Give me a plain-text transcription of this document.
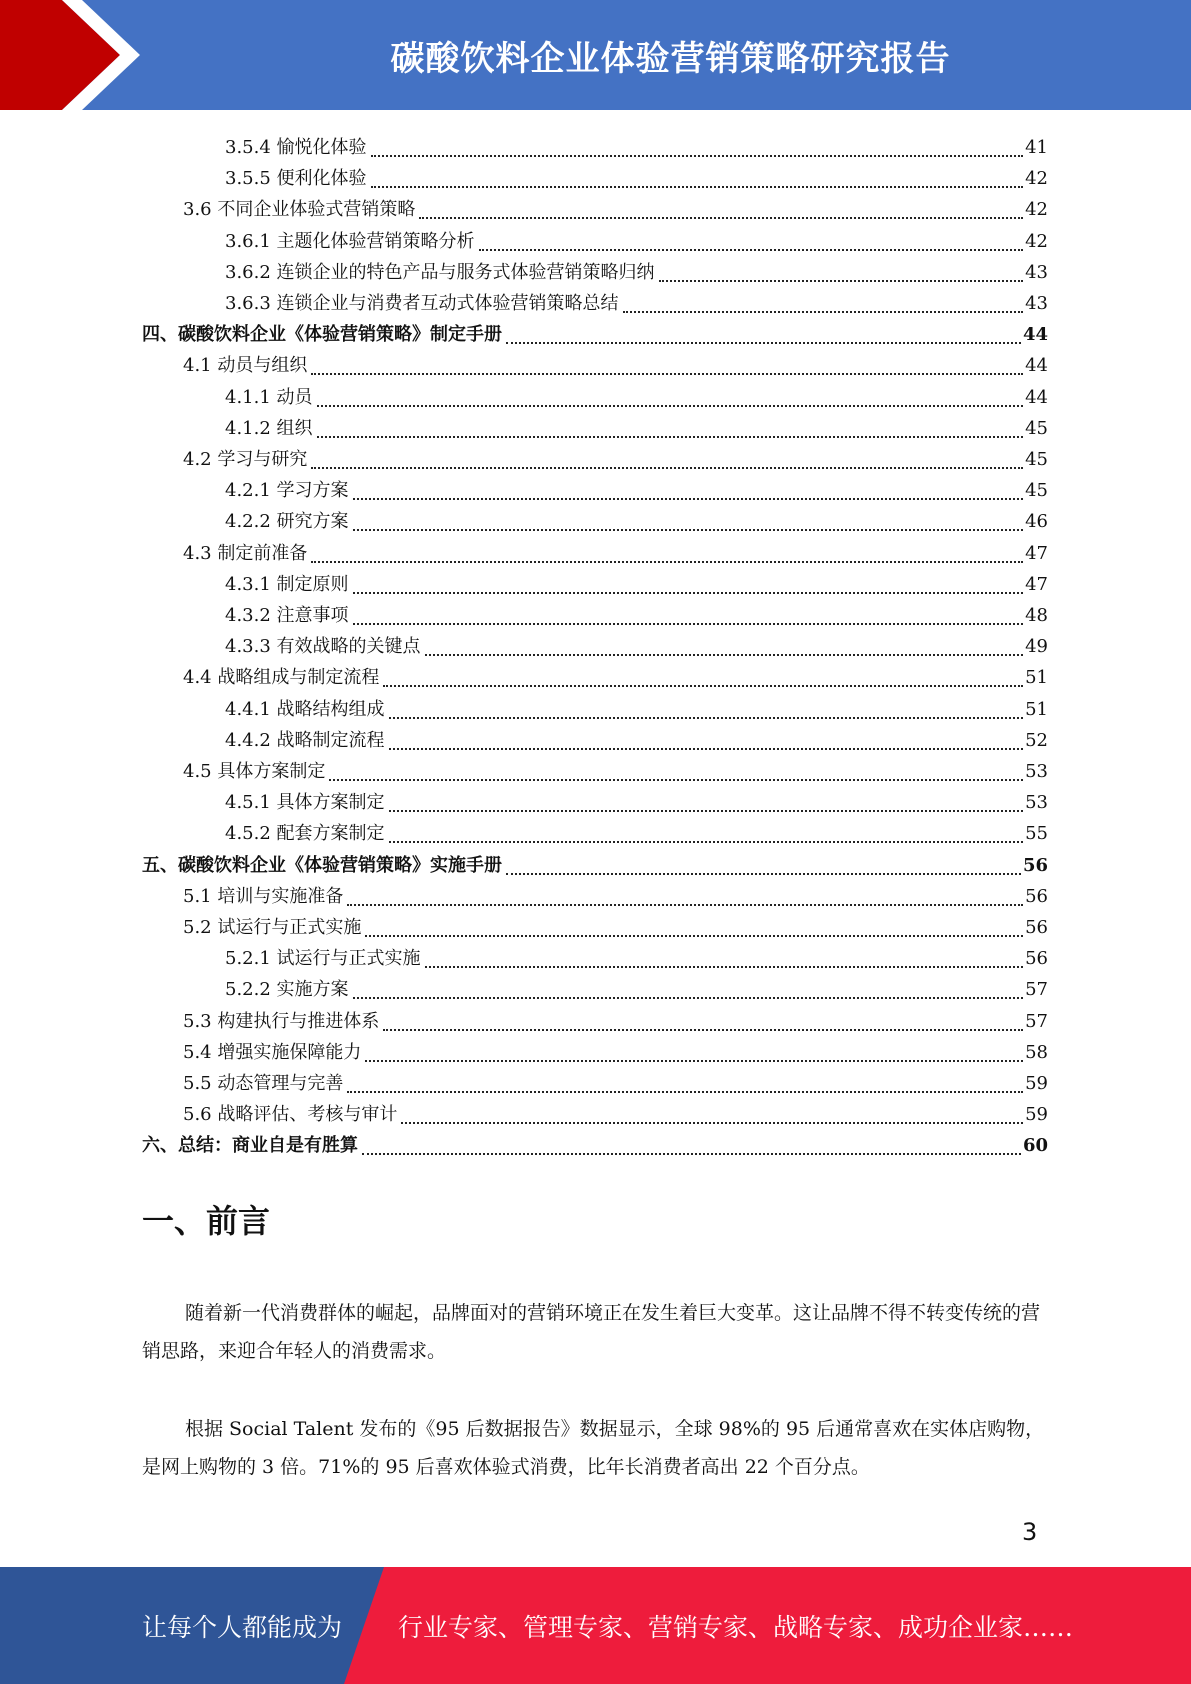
碳酸饮料企业体验营销策略研究报告
3.5.4 愉悦化体验	41
3.5.5 便利化体验	42
3.6 不同企业体验式营销策略	42
3.6.1 主题化体验营销策略分析	42
3.6.2 连锁企业的特色产品与服务式体验营销策略归纳	43
3.6.3 连锁企业与消费者互动式体验营销策略总结	43
四、碳酸饮料企业《体验营销策略》制定手册	44
4.1 动员与组织	44
4.1.1 动员	44
4.1.2 组织	45
4.2 学习与研究	45
4.2.1 学习方案	45
4.2.2 研究方案	46
4.3 制定前准备	47
4.3.1 制定原则	47
4.3.2 注意事项	48
4.3.3 有效战略的关键点	49
4.4 战略组成与制定流程	51
4.4.1 战略结构组成	51
4.4.2 战略制定流程	52
4.5 具体方案制定	53
4.5.1 具体方案制定	53
4.5.2 配套方案制定	55
五、碳酸饮料企业《体验营销策略》实施手册	56
5.1 培训与实施准备	56
5.2 试运行与正式实施	56
5.2.1 试运行与正式实施	56
5.2.2 实施方案	57
5.3 构建执行与推进体系	57
5.4 增强实施保障能力	58
5.5 动态管理与完善	59
5.6 战略评估、考核与审计	59
六、总结：商业自是有胜算	60
一、前言
随着新一代消费群体的崛起，品牌面对的营销环境正在发生着巨大变革。这让品牌不得不转变传统的营销思路，来迎合年轻人的消费需求。
根据 Social Talent 发布的《95 后数据报告》数据显示，全球 98%的 95 后通常喜欢在实体店购物，是网上购物的 3 倍。71%的 95 后喜欢体验式消费，比年长消费者高出 22 个百分点。
3
让每个人都能成为 行业专家、管理专家、营销专家、战略专家、成功企业家……
